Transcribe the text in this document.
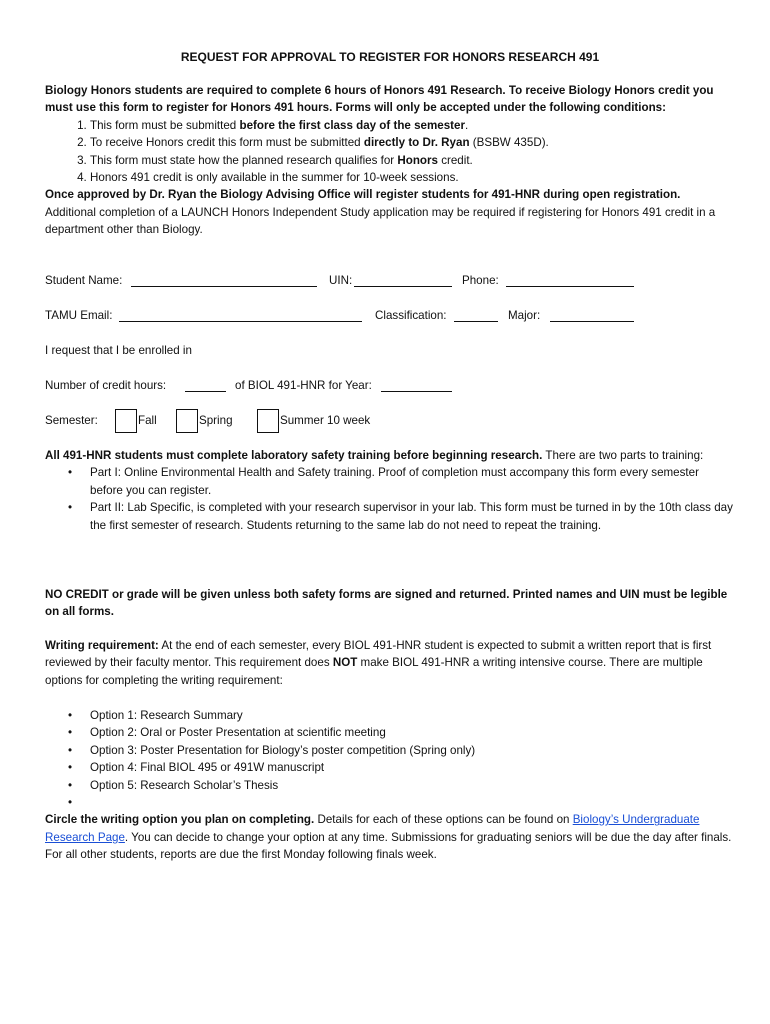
REQUEST FOR APPROVAL TO REGISTER FOR HONORS RESEARCH 491
Biology Honors students are required to complete 6 hours of Honors 491 Research. To receive Biology Honors credit you must use this form to register for Honors 491 hours. Forms will only be accepted under the following conditions:
1. This form must be submitted before the first class day of the semester.
2. To receive Honors credit this form must be submitted directly to Dr. Ryan (BSBW 435D).
3. This form must state how the planned research qualifies for Honors credit.
4. Honors 491 credit is only available in the summer for 10-week sessions.
Once approved by Dr. Ryan the Biology Advising Office will register students for 491-HNR during open registration.
Additional completion of a LAUNCH Honors Independent Study application may be required if registering for Honors 491 credit in a department other than Biology.
Student Name:	UIN:	Phone:
TAMU Email:	Classification:	Major:
I request that I be enrolled in
Number of credit hours:	of BIOL 491-HNR for Year:
Semester:	Fall	Spring	Summer 10 week
All 491-HNR students must complete laboratory safety training before beginning research. There are two parts to training:
• Part I: Online Environmental Health and Safety training. Proof of completion must accompany this form every semester before you can register.
• Part II: Lab Specific, is completed with your research supervisor in your lab. This form must be turned in by the 10th class day the first semester of research. Students returning to the same lab do not need to repeat the training.
NO CREDIT or grade will be given unless both safety forms are signed and returned. Printed names and UIN must be legible on all forms.
Writing requirement: At the end of each semester, every BIOL 491-HNR student is expected to submit a written report that is first reviewed by their faculty mentor. This requirement does NOT make BIOL 491-HNR a writing intensive course. There are multiple options for completing the writing requirement:
• Option 1: Research Summary
• Option 2: Oral or Poster Presentation at scientific meeting
• Option 3: Poster Presentation for Biology’s poster competition (Spring only)
• Option 4: Final BIOL 495 or 491W manuscript
• Option 5: Research Scholar’s Thesis
•
Circle the writing option you plan on completing. Details for each of these options can be found on Biology’s Undergraduate Research Page. You can decide to change your option at any time. Submissions for graduating seniors will be due the day after finals. For all other students, reports are due the first Monday following finals week.
